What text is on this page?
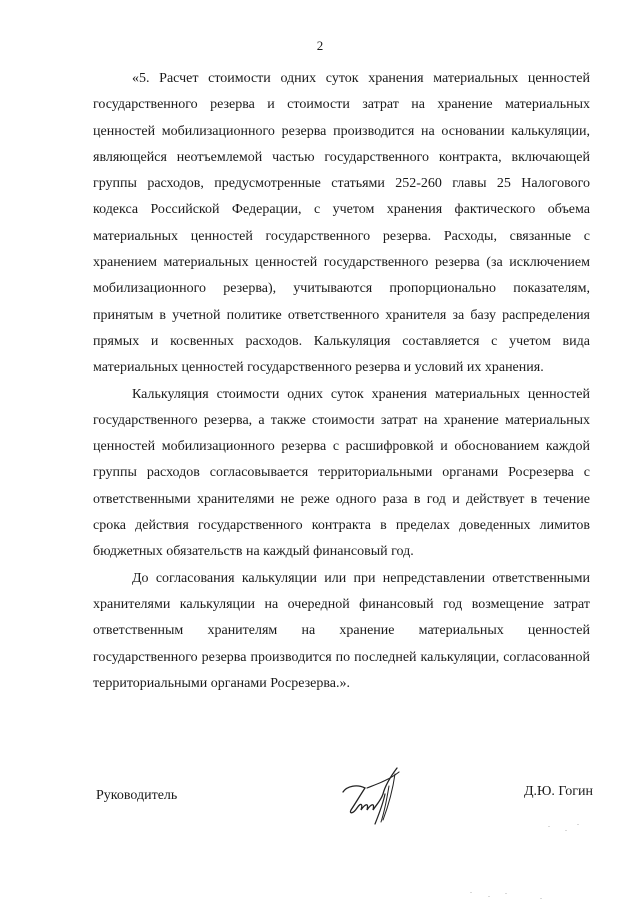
2

«5. Расчет стоимости одних суток хранения материальных ценностей государственного резерва и стоимости затрат на хранение материальных ценностей мобилизационного резерва производится на основании калькуляции, являющейся неотъемлемой частью государственного контракта, включающей группы расходов, предусмотренные статьями 252-260 главы 25 Налогового кодекса Российской Федерации, с учетом хранения фактического объема материальных ценностей государственного резерва. Расходы, связанные с хранением материальных ценностей государственного резерва (за исключением мобилизационного резерва), учитываются пропорционально показателям, принятым в учетной политике ответственного хранителя за базу распределения прямых и косвенных расходов. Калькуляция составляется с учетом вида материальных ценностей государственного резерва и условий их хранения.

Калькуляция стоимости одних суток хранения материальных ценностей государственного резерва, а также стоимости затрат на хранение материальных ценностей мобилизационного резерва с расшифровкой и обоснованием каждой группы расходов согласовывается территориальными органами Росрезерва с ответственными хранителями не реже одного раза в год и действует в течение срока действия государственного контракта в пределах доведенных лимитов бюджетных обязательств на каждый финансовый год.

До согласования калькуляции или при непредставлении ответственными хранителями калькуляции на очередной финансовый год возмещение затрат ответственным хранителям на хранение материальных ценностей государственного резерва производится по последней калькуляции, согласованной территориальными органами Росрезерва.».

Руководитель	Д.Ю. Гогин
